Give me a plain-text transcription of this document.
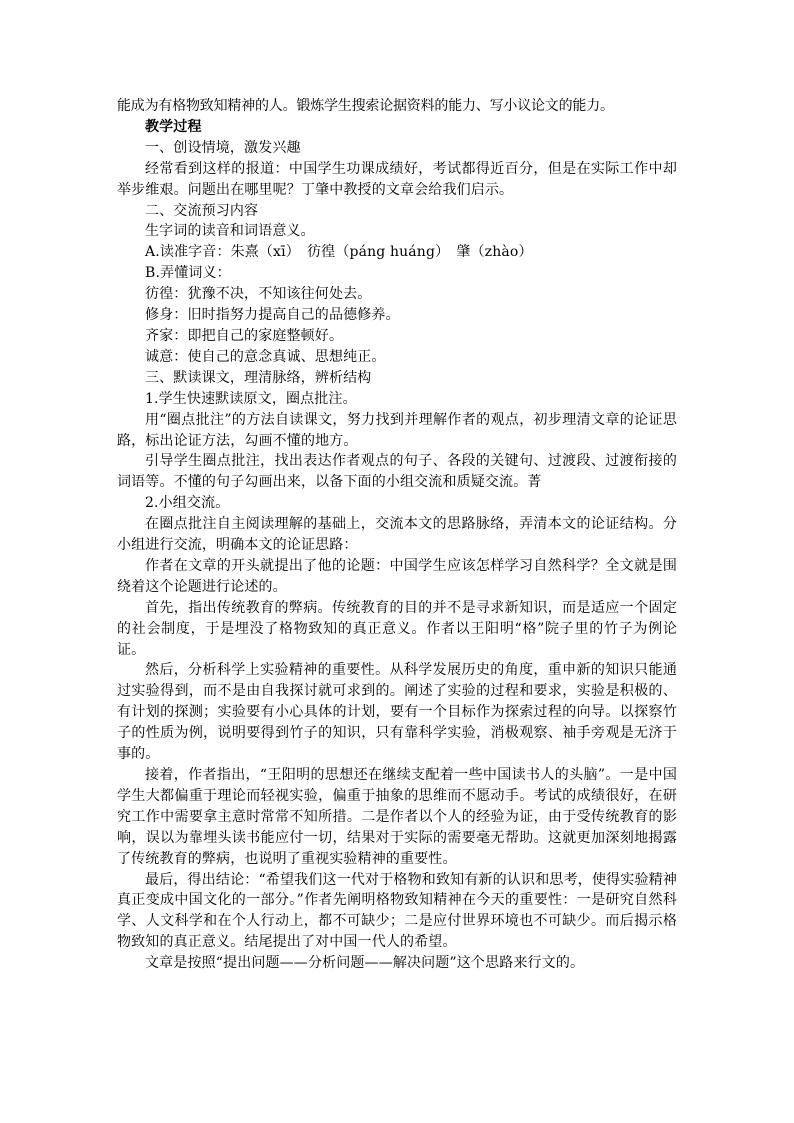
能成为有格物致知精神的人。锻炼学生搜索论据资料的能力、写小议论文的能力。

教学过程

一、创设情境，激发兴趣

经常看到这样的报道：中国学生功课成绩好，考试都得近百分，但是在实际工作中却举步维艰。问题出在哪里呢？丁肇中教授的文章会给我们启示。

二、交流预习内容

生字词的读音和词语意义。

A.读准字音：朱熹（xī）　彷徨（páng huáng）　肇（zhào）

B.弄懂词义：

彷徨：犹豫不决，不知该往何处去。

修身：旧时指努力提高自己的品德修养。

齐家：即把自己的家庭整顿好。

诚意：使自己的意念真诚、思想纯正。

三、默读课文，理清脉络，辨析结构

1.学生快速默读原文，圈点批注。

用“圈点批注”的方法自读课文，努力找到并理解作者的观点，初步理清文章的论证思路，标出论证方法，勾画不懂的地方。

引导学生圈点批注，找出表达作者观点的句子、各段的关键句、过渡段、过渡衔接的词语等。不懂的句子勾画出来，以备下面的小组交流和质疑交流。菁

2.小组交流。

在圈点批注自主阅读理解的基础上，交流本文的思路脉络，弄清本文的论证结构。分小组进行交流，明确本文的论证思路：

作者在文章的开头就提出了他的论题：中国学生应该怎样学习自然科学？全文就是围绕着这个论题进行论述的。

首先，指出传统教育的弊病。传统教育的目的并不是寻求新知识，而是适应一个固定的社会制度，于是埋没了格物致知的真正意义。作者以王阳明“格”院子里的竹子为例论证。

然后，分析科学上实验精神的重要性。从科学发展历史的角度，重申新的知识只能通过实验得到，而不是由自我探讨就可求到的。阐述了实验的过程和要求，实验是积极的、有计划的探测；实验要有小心具体的计划，要有一个目标作为探索过程的向导。以探察竹子的性质为例，说明要得到竹子的知识，只有靠科学实验，消极观察、袖手旁观是无济于事的。

接着，作者指出，“王阳明的思想还在继续支配着一些中国读书人的头脑”。一是中国学生大都偏重于理论而轻视实验，偏重于抽象的思维而不愿动手。考试的成绩很好，在研究工作中需要拿主意时常常不知所措。二是作者以个人的经验为证，由于受传统教育的影响，误以为靠埋头读书能应付一切，结果对于实际的需要毫无帮助。这就更加深刻地揭露了传统教育的弊病，也说明了重视实验精神的重要性。

最后，得出结论：“希望我们这一代对于格物和致知有新的认识和思考，使得实验精神真正变成中国文化的一部分。”作者先阐明格物致知精神在今天的重要性：一是研究自然科学、人文科学和在个人行动上，都不可缺少；二是应付世界环境也不可缺少。而后揭示格物致知的真正意义。结尾提出了对中国一代人的希望。

文章是按照“提出问题——分析问题——解决问题”这个思路来行文的。
